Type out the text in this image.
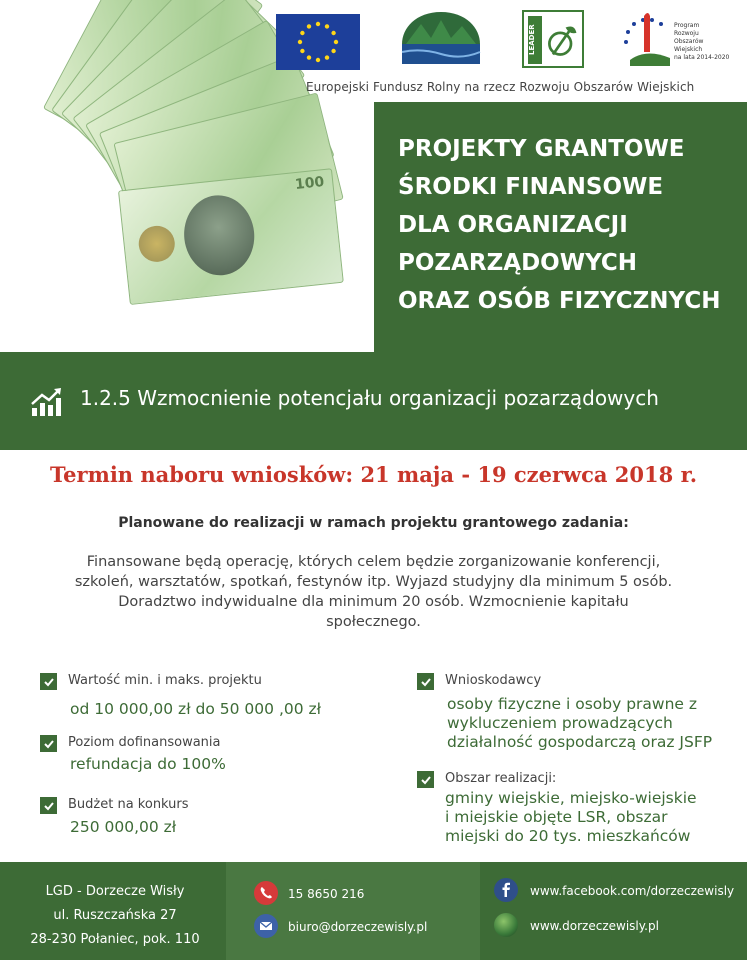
100
LEADER	Program
Rozwoju
Obszarów
Wiejskich
na lata 2014-2020
Europejski Fundusz Rolny na rzecz Rozwoju Obszarów Wiejskich
PROJEKTY GRANTOWE
ŚRODKI FINANSOWE
DLA ORGANIZACJI
POZARZĄDOWYCH
ORAZ OSÓB FIZYCZNYCH
1.2.5 Wzmocnienie potencjału organizacji pozarządowych
Termin naboru wniosków: 21 maja - 19 czerwca 2018 r.
Planowane do realizacji w ramach projektu grantowego zadania:
Finansowane będą operację, których celem będzie zorganizowanie konferencji,
szkoleń, warsztatów, spotkań, festynów itp. Wyjazd studyjny dla minimum 5 osób.
Doradztwo indywidualne dla minimum 20 osób. Wzmocnienie kapitału
społecznego.
Wartość min. i maks. projektu
od 10 000,00 zł do 50 000 ,00 zł
Poziom dofinansowania
refundacja do 100%
Budżet na konkurs
250 000,00 zł
Wnioskodawcy
osoby fizyczne i osoby prawne z
wykluczeniem prowadzących
działalność gospodarczą oraz JSFP
Obszar realizacji:
gminy wiejskie, miejsko-wiejskie
i miejskie objęte LSR, obszar
miejski do 20 tys. mieszkańców
LGD - Dorzecze Wisły
ul. Ruszczańska 27
28-230 Połaniec, pok. 110
15 8650 216
biuro@dorzeczewisly.pl
www.facebook.com/dorzeczewisly
www.dorzeczewisly.pl
